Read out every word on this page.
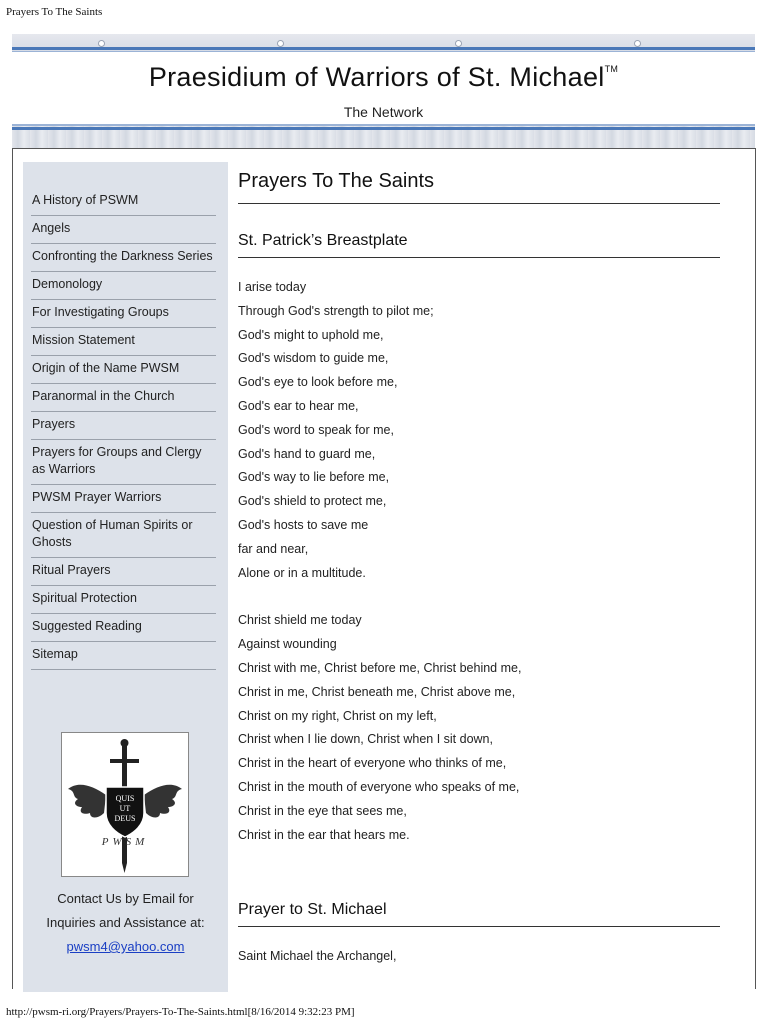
Prayers To The Saints
Praesidium of Warriors of St. Michael™
The Network
A History of PSWM
Angels
Confronting the Darkness Series
Demonology
For Investigating Groups
Mission Statement
Origin of the Name PWSM
Paranormal in the Church
Prayers
Prayers for Groups and Clergy as Warriors
PWSM Prayer Warriors
Question of Human Spirits or Ghosts
Ritual Prayers
Spiritual Protection
Suggested Reading
Sitemap
QUIS
UT
DEUS
PWSM
Contact Us by Email for
Inquiries and Assistance at:
pwsm4@yahoo.com
Prayers To The Saints
St. Patrick’s Breastplate
I arise today
Through God's strength to pilot me;
God's might to uphold me,
God's wisdom to guide me,
God's eye to look before me,
God's ear to hear me,
God's word to speak for me,
God's hand to guard me,
God's way to lie before me,
God's shield to protect me,
God's hosts to save me
far and near,
Alone or in a multitude.
Christ shield me today
Against wounding
Christ with me, Christ before me, Christ behind me,
Christ in me, Christ beneath me, Christ above me,
Christ on my right, Christ on my left,
Christ when I lie down, Christ when I sit down,
Christ in the heart of everyone who thinks of me,
Christ in the mouth of everyone who speaks of me,
Christ in the eye that sees me,
Christ in the ear that hears me.
Prayer to St. Michael
Saint Michael the Archangel,
http://pwsm-ri.org/Prayers/Prayers-To-The-Saints.html[8/16/2014 9:32:23 PM]
